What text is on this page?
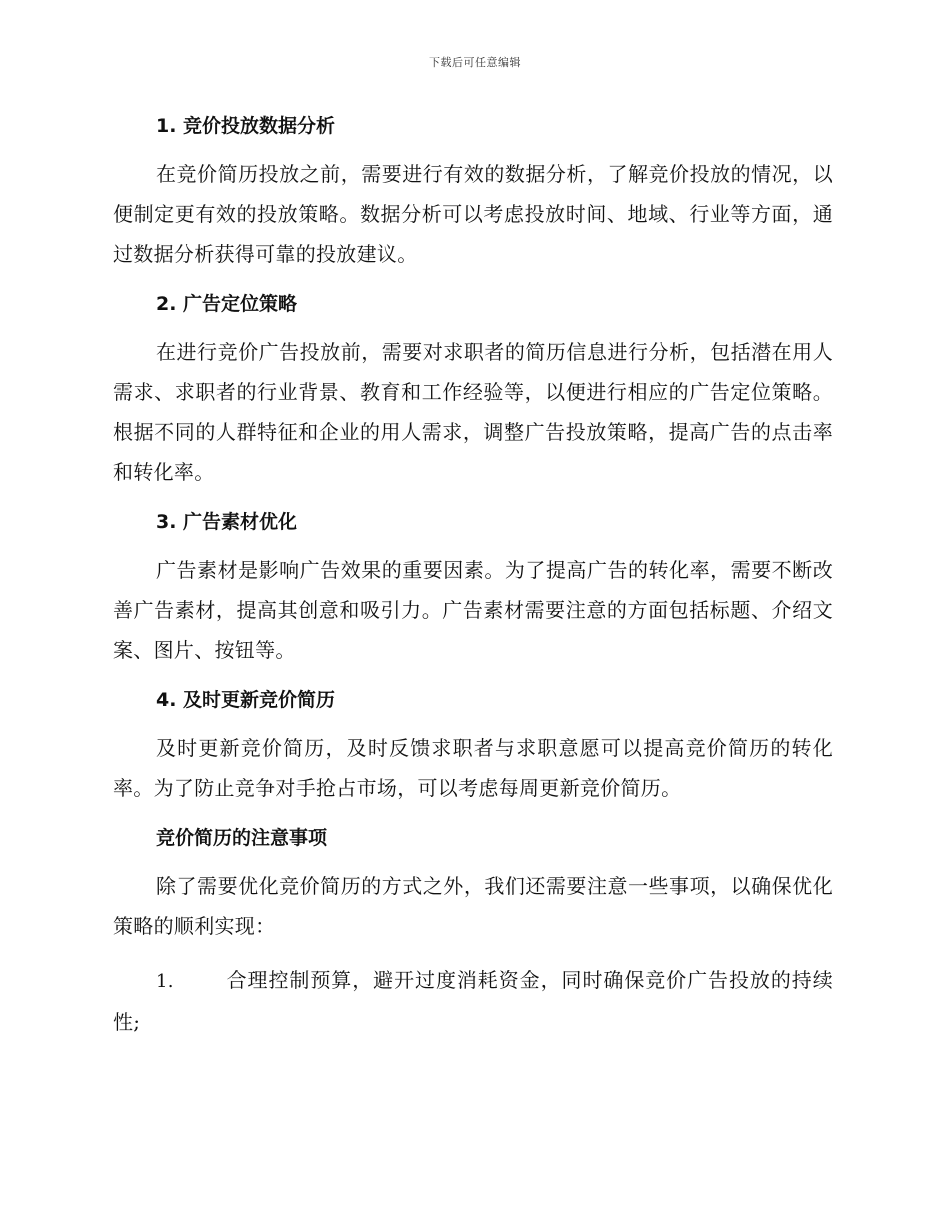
下载后可任意编辑
1. 竞价投放数据分析

在竞价简历投放之前，需要进行有效的数据分析，了解竞价投放的情况，以便制定更有效的投放策略。数据分析可以考虑投放时间、地域、行业等方面，通过数据分析获得可靠的投放建议。

2. 广告定位策略

在进行竞价广告投放前，需要对求职者的简历信息进行分析，包括潜在用人需求、求职者的行业背景、教育和工作经验等，以便进行相应的广告定位策略。根据不同的人群特征和企业的用人需求，调整广告投放策略，提高广告的点击率和转化率。

3. 广告素材优化

广告素材是影响广告效果的重要因素。为了提高广告的转化率，需要不断改善广告素材，提高其创意和吸引力。广告素材需要注意的方面包括标题、介绍文案、图片、按钮等。

4. 及时更新竞价简历

及时更新竞价简历，及时反馈求职者与求职意愿可以提高竞价简历的转化率。为了防止竞争对手抢占市场，可以考虑每周更新竞价简历。

竞价简历的注意事项

除了需要优化竞价简历的方式之外，我们还需要注意一些事项，以确保优化策略的顺利实现：

1.	合理控制预算，避开过度消耗资金，同时确保竞价广告投放的持续性;
